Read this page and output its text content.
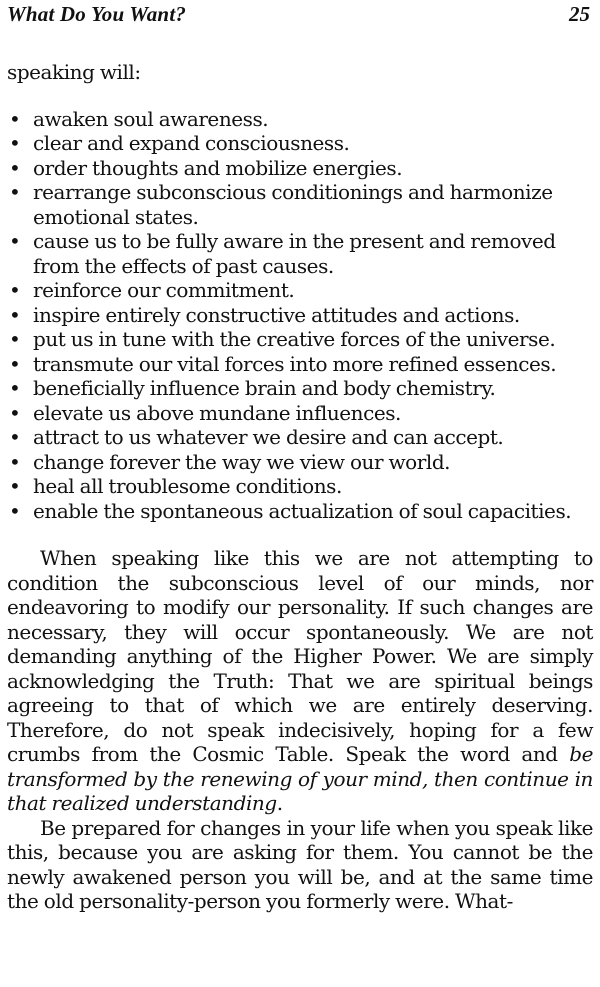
What Do You Want?	25

speaking will:

• awaken soul awareness.
• clear and expand consciousness.
• order thoughts and mobilize energies.
• rearrange subconscious conditionings and harmonize emotional states.
• cause us to be fully aware in the present and removed from the effects of past causes.
• reinforce our commitment.
• inspire entirely constructive attitudes and actions.
• put us in tune with the creative forces of the universe.
• transmute our vital forces into more refined essences.
• beneficially influence brain and body chemistry.
• elevate us above mundane influences.
• attract to us whatever we desire and can accept.
• change forever the way we view our world.
• heal all troublesome conditions.
• enable the spontaneous actualization of soul capacities.

When speaking like this we are not attempting to condition the subconscious level of our minds, nor endeavoring to modify our personality. If such changes are necessary, they will occur spontaneously. We are not demanding anything of the Higher Power. We are simply acknowledging the Truth: That we are spiritual beings agreeing to that of which we are entirely deserving. Therefore, do not speak indecisively, hoping for a few crumbs from the Cosmic Table. Speak the word and be transformed by the renewing of your mind, then continue in that realized understanding.

Be prepared for changes in your life when you speak like this, because you are asking for them. You cannot be the newly awakened person you will be, and at the same time the old personality-person you formerly were. What-
